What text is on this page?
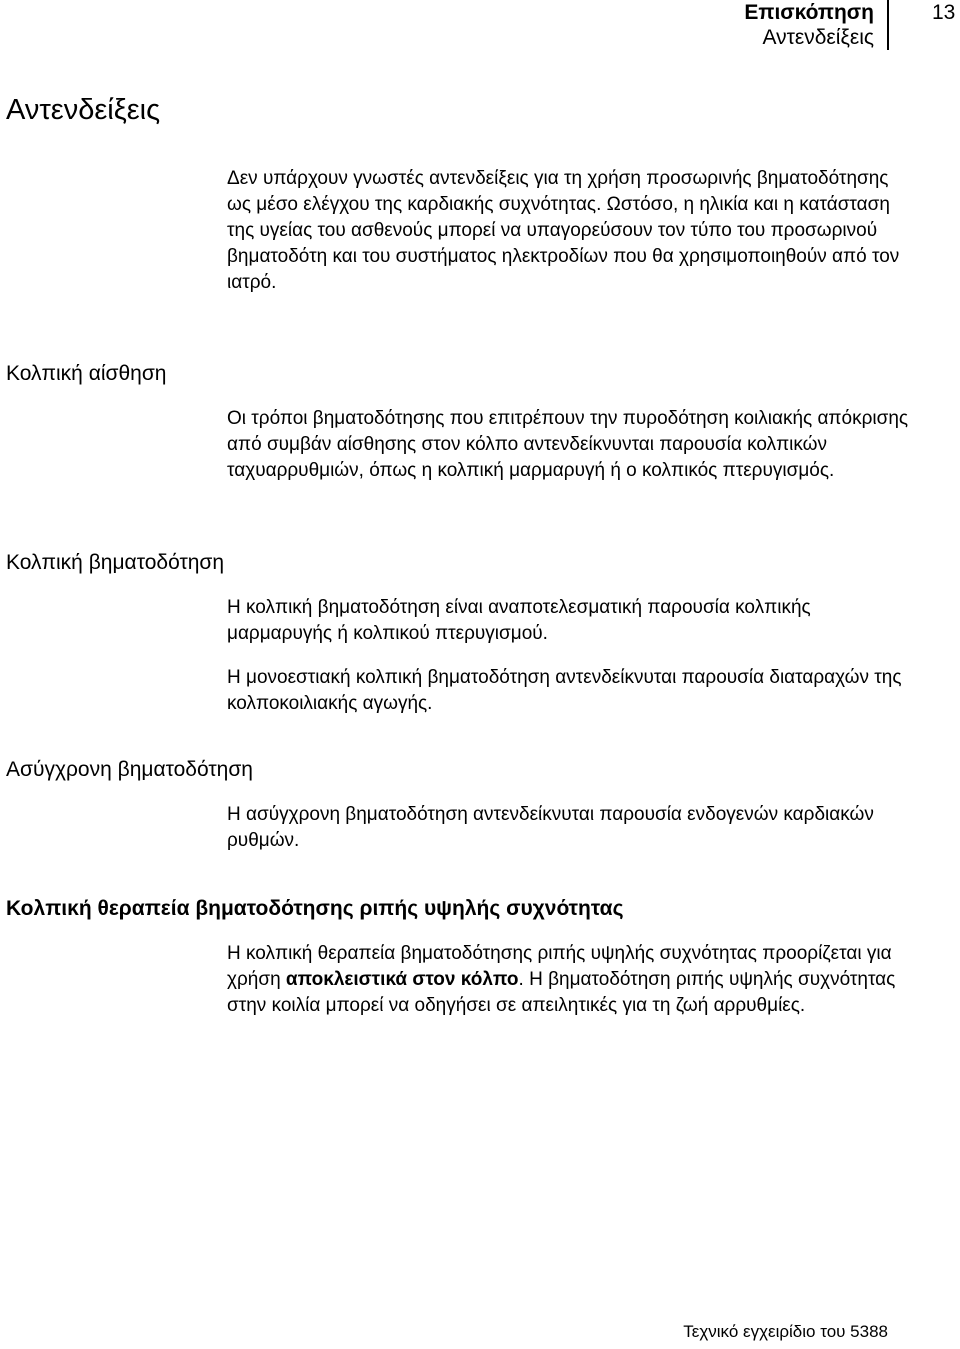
Επισκόπηση
Αντενδείξεις
13
Αντενδείξεις

Δεν υπάρχουν γνωστές αντενδείξεις για τη χρήση προσωρινής βηματοδότησης ως μέσο ελέγχου της καρδιακής συχνότητας. Ωστόσο, η ηλικία και η κατάσταση της υγείας του ασθενούς μπορεί να υπαγορεύσουν τον τύπο του προσωρινού βηματοδότη και του συστήματος ηλεκτροδίων που θα χρησιμοποιηθούν από τον ιατρό.

Κολπική αίσθηση

Οι τρόποι βηματοδότησης που επιτρέπουν την πυροδότηση κοιλιακής απόκρισης από συμβάν αίσθησης στον κόλπο αντενδείκνυνται παρουσία κολπικών ταχυαρρυθμιών, όπως η κολπική μαρμαρυγή ή ο κολπικός πτερυγισμός.

Κολπική βηματοδότηση

Η κολπική βηματοδότηση είναι αναποτελεσματική παρουσία κολπικής μαρμαρυγής ή κολπικού πτερυγισμού.

Η μονοεστιακή κολπική βηματοδότηση αντενδείκνυται παρουσία διαταραχών της κολποκοιλιακής αγωγής.

Ασύγχρονη βηματοδότηση

Η ασύγχρονη βηματοδότηση αντενδείκνυται παρουσία ενδογενών καρδιακών ρυθμών.

Κολπική θεραπεία βηματοδότησης ριπής υψηλής συχνότητας

Η κολπική θεραπεία βηματοδότησης ριπής υψηλής συχνότητας προορίζεται για χρήση αποκλειστικά στον κόλπο. Η βηματοδότηση ριπής υψηλής συχνότητας στην κοιλία μπορεί να οδηγήσει σε απειλητικές για τη ζωή αρρυθμίες.

Τεχνικό εγχειρίδιο του 5388
